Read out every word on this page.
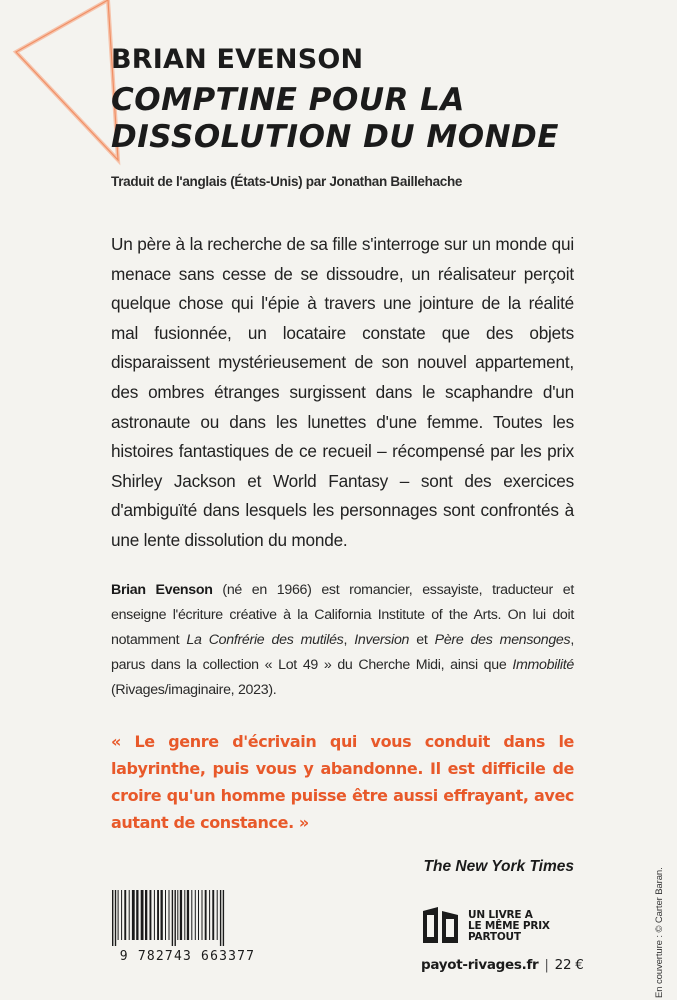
BRIAN EVENSON
COMPTINE POUR LA
DISSOLUTION DU MONDE

Traduit de l'anglais (États-Unis) par Jonathan Baillehache

Un père à la recherche de sa fille s'interroge sur un monde qui menace sans cesse de se dissoudre, un réalisateur perçoit quelque chose qui l'épie à travers une jointure de la réalité mal fusionnée, un locataire constate que des objets disparaissent mystérieusement de son nouvel appartement, des ombres étranges surgissent dans le scaphandre d'un astronaute ou dans les lunettes d'une femme. Toutes les histoires fantastiques de ce recueil – récompensé par les prix Shirley Jackson et World Fantasy – sont des exercices d'ambiguïté dans lesquels les personnages sont confrontés à une lente dissolution du monde.

Brian Evenson (né en 1966) est romancier, essayiste, traducteur et enseigne l'écriture créative à la California Institute of the Arts. On lui doit notamment La Confrérie des mutilés, Inversion et Père des mensonges, parus dans la collection « Lot 49 » du Cherche Midi, ainsi que Immobilité (Rivages/imaginaire, 2023).

« Le genre d'écrivain qui vous conduit dans le labyrinthe, puis vous y abandonne. Il est difficile de croire qu'un homme puisse être aussi effrayant, avec autant de constance. »

The New York Times

9 782743 663377
UN LIVRE A
LE MÊME PRIX
PARTOUT
payot-rivages.fr | 22 €	En couverture : © Carter Baran.
